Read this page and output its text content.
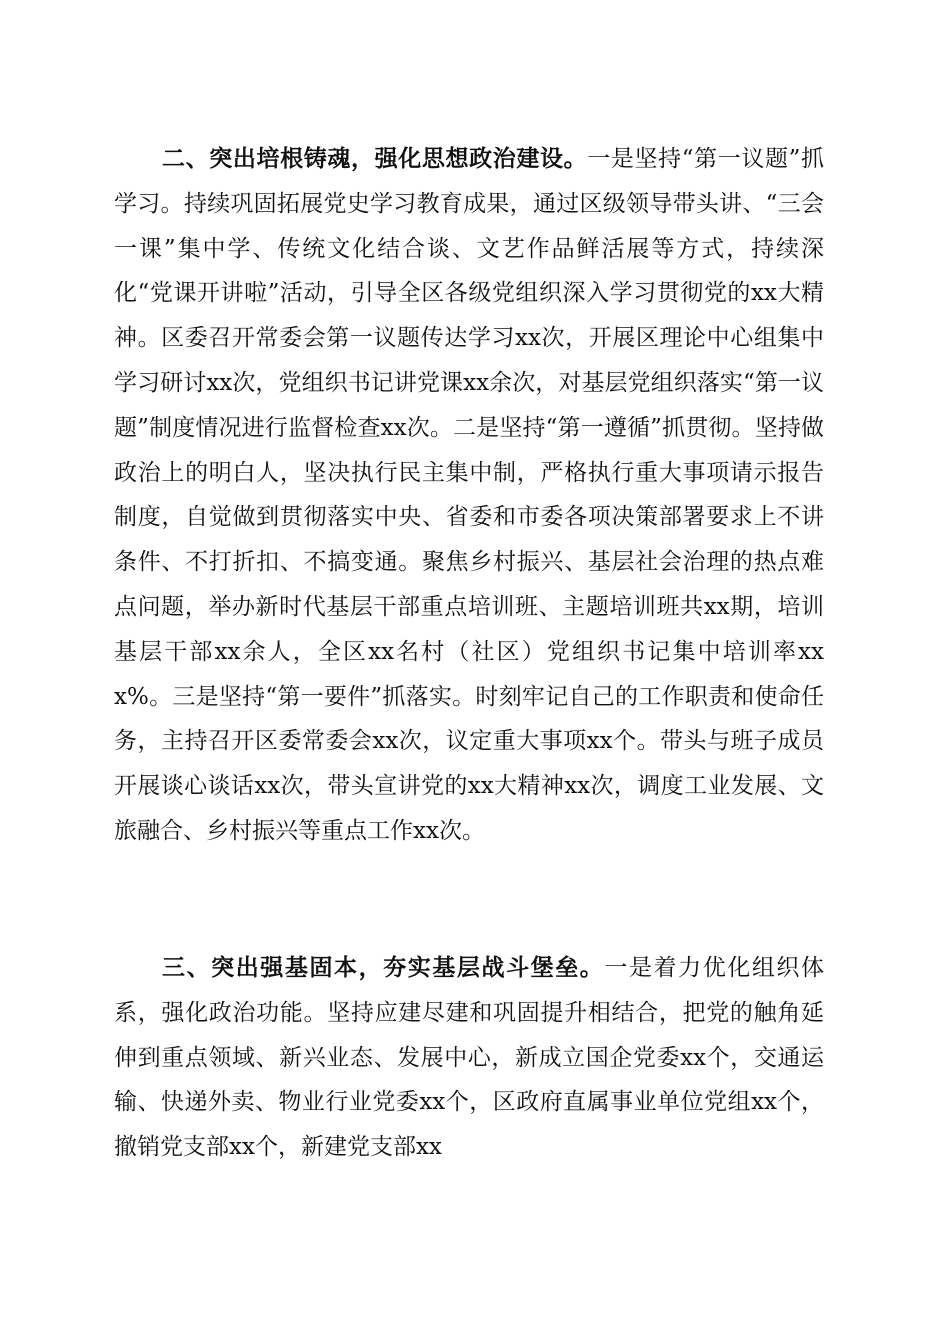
二、突出培根铸魂，强化思想政治建设。一是坚持“第一议题”抓学习。持续巩固拓展党史学习教育成果，通过区级领导带头讲、“三会一课”集中学、传统文化结合谈、文艺作品鲜活展等方式，持续深化“党课开讲啦”活动，引导全区各级党组织深入学习贯彻党的xx大精神。区委召开常委会第一议题传达学习xx次，开展区理论中心组集中学习研讨xx次，党组织书记讲党课xx余次，对基层党组织落实“第一议题”制度情况进行监督检查xx次。二是坚持“第一遵循”抓贯彻。坚持做政治上的明白人，坚决执行民主集中制，严格执行重大事项请示报告制度，自觉做到贯彻落实中央、省委和市委各项决策部署要求上不讲条件、不打折扣、不搞变通。聚焦乡村振兴、基层社会治理的热点难点问题，举办新时代基层干部重点培训班、主题培训班共xx期，培训基层干部xx余人，全区xx名村（社区）党组织书记集中培训率xxx%。三是坚持“第一要件”抓落实。时刻牢记自己的工作职责和使命任务，主持召开区委常委会xx次，议定重大事项xx个。带头与班子成员开展谈心谈话xx次，带头宣讲党的xx大精神xx次，调度工业发展、文旅融合、乡村振兴等重点工作xx次。

三、突出强基固本，夯实基层战斗堡垒。一是着力优化组织体系，强化政治功能。坚持应建尽建和巩固提升相结合，把党的触角延伸到重点领域、新兴业态、发展中心，新成立国企党委xx个，交通运输、快递外卖、物业行业党委xx个，区政府直属事业单位党组xx个，撤销党支部xx个，新建党支部xx
